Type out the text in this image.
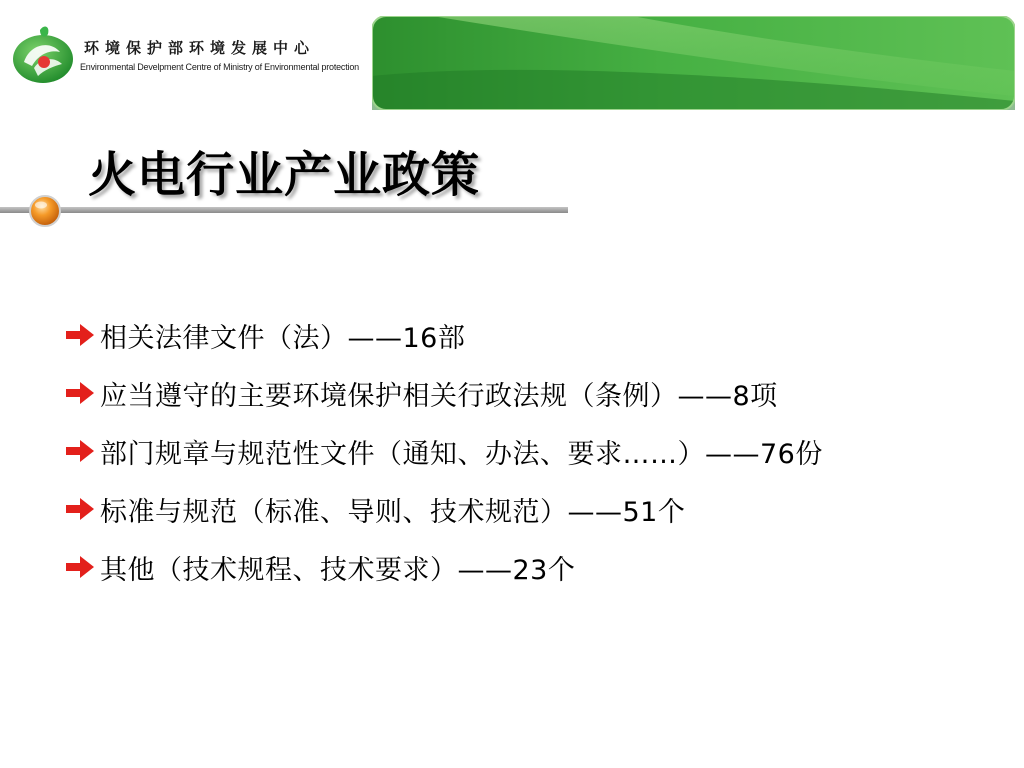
环境保护部环境发展中心
Environmental Develpment Centre of Ministry of Environmental protection
火电行业产业政策
相关法律文件（法）——16部
应当遵守的主要环境保护相关行政法规（条例）——8项
部门规章与规范性文件（通知、办法、要求……）——76份
标准与规范（标准、导则、技术规范）——51个
其他（技术规程、技术要求）——23个
